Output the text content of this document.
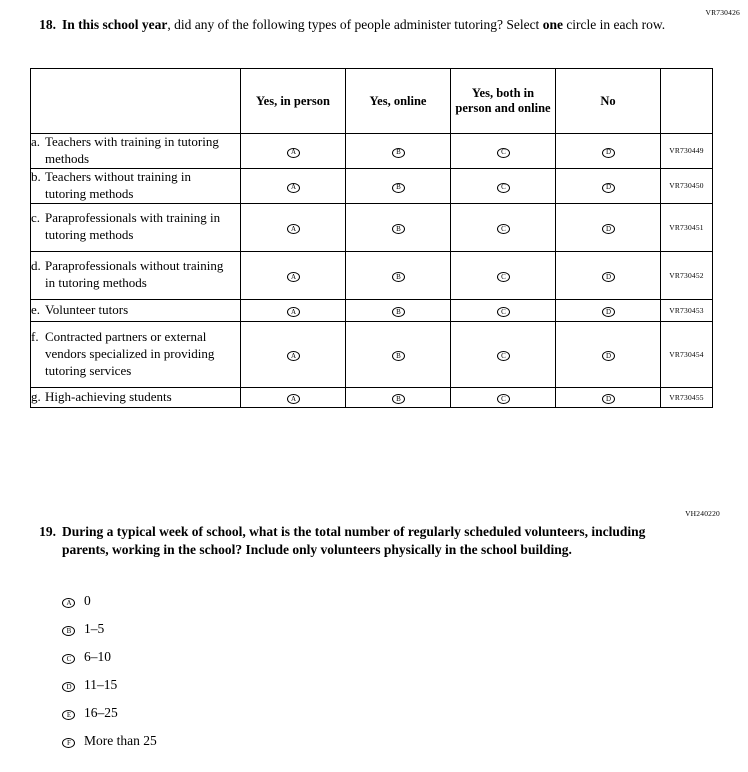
VR730426
18. In this school year, did any of the following types of people administer tutoring? Select one circle in each row.
	Yes, in person	Yes, online	Yes, both in person and online	No	
a. Teachers with training in tutoring methods	A	B	C	D	VR730449
b. Teachers without training in tutoring methods	A	B	C	D	VR730450
c. Paraprofessionals with training in tutoring methods	A	B	C	D	VR730451
d. Paraprofessionals without training in tutoring methods	A	B	C	D	VR730452
e. Volunteer tutors	A	B	C	D	VR730453
f. Contracted partners or external vendors specialized in providing tutoring services	A	B	C	D	VR730454
g. High-achieving students	A	B	C	D	VR730455
VH240220
19. During a typical week of school, what is the total number of regularly scheduled volunteers, including parents, working in the school? Include only volunteers physically in the school building.
A 0
B 1–5
C 6–10
D 11–15
E 16–25
F More than 25
